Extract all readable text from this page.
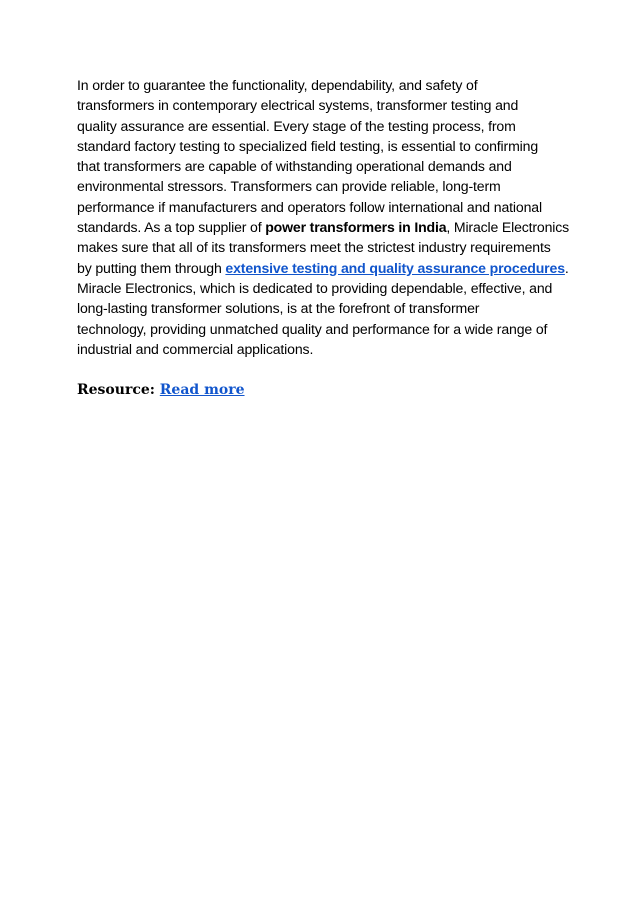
In order to guarantee the functionality, dependability, and safety of
transformers in contemporary electrical systems, transformer testing and
quality assurance are essential. Every stage of the testing process, from
standard factory testing to specialized field testing, is essential to confirming
that transformers are capable of withstanding operational demands and
environmental stressors. Transformers can provide reliable, long-term
performance if manufacturers and operators follow international and national
standards. As a top supplier of power transformers in India, Miracle Electronics
makes sure that all of its transformers meet the strictest industry requirements
by putting them through extensive testing and quality assurance procedures.
Miracle Electronics, which is dedicated to providing dependable, effective, and
long-lasting transformer solutions, is at the forefront of transformer
technology, providing unmatched quality and performance for a wide range of
industrial and commercial applications.

Resource: Read more
